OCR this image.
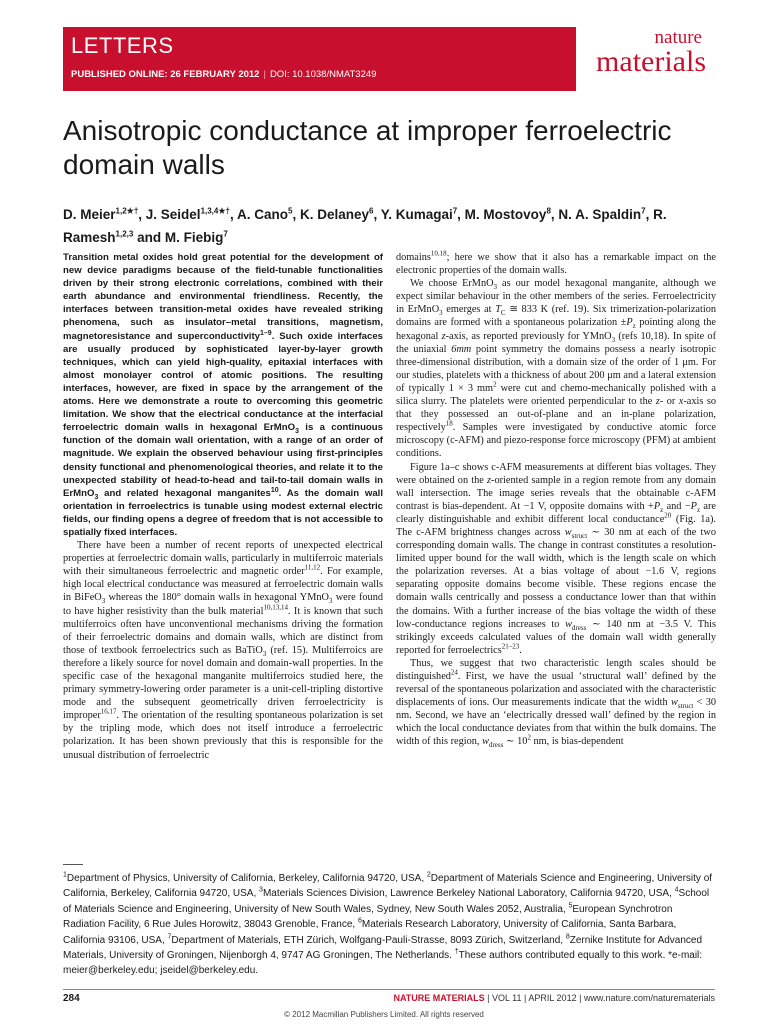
LETTERS
PUBLISHED ONLINE: 26 FEBRUARY 2012 | DOI: 10.1038/NMAT3249
nature
materials
Anisotropic conductance at improper ferroelectric domain walls
D. Meier$^{1,2★\dagger}$, J. Seidel$^{1,3,4★\dagger}$, A. Cano$^5$, K. Delaney$^6$, Y. Kumagai$^7$, M. Mostovoy$^8$, N. A. Spaldin$^7$, R. Ramesh$^{1,2,3}$ and M. Fiebig$^7$

Transition metal oxides hold great potential for the development of new device paradigms because of the field-tunable functionalities driven by their strong electronic correlations, combined with their earth abundance and environmental friendliness. Recently, the interfaces between transition-metal oxides have revealed striking phenomena, such as insulator–metal transitions, magnetism, magnetoresistance and superconductivity$^{1-9}$. Such oxide interfaces are usually produced by sophisticated layer-by-layer growth techniques, which can yield high-quality, epitaxial interfaces with almost monolayer control of atomic positions. The resulting interfaces, however, are fixed in space by the arrangement of the atoms. Here we demonstrate a route to overcoming this geometric limitation. We show that the electrical conductance at the interfacial ferroelectric domain walls in hexagonal ErMnO$_3$ is a continuous function of the domain wall orientation, with a range of an order of magnitude. We explain the observed behaviour using first-principles density functional and phenomenological theories, and relate it to the unexpected stability of head-to-head and tail-to-tail domain walls in ErMnO$_3$ and related hexagonal manganites$^{10}$. As the domain wall orientation in ferroelectrics is tunable using modest external electric fields, our finding opens a degree of freedom that is not accessible to spatially fixed interfaces.

There have been a number of recent reports of unexpected electrical properties at ferroelectric domain walls, particularly in multiferroic materials with their simultaneous ferroelectric and magnetic order$^{11,12}$. For example, high local electrical conductance was measured at ferroelectric domain walls in BiFeO$_3$ whereas the 180° domain walls in hexagonal YMnO$_3$ were found to have higher resistivity than the bulk material$^{10,13,14}$. It is known that such multiferroics often have unconventional mechanisms driving the formation of their ferroelectric domains and domain walls, which are distinct from those of textbook ferroelectrics such as BaTiO$_3$ (ref. 15). Multiferroics are therefore a likely source for novel domain and domain-wall properties. In the specific case of the hexagonal manganite multiferroics studied here, the primary symmetry-lowering order parameter is a unit-cell-tripling distortive mode and the subsequent geometrically driven ferroelectricity is improper$^{16,17}$. The orientation of the resulting spontaneous polarization is set by the tripling mode, which does not itself introduce a ferroelectric polarization. It has been shown previously that this is responsible for the unusual distribution of ferroelectric

domains$^{10,18}$; here we show that it also has a remarkable impact on the electronic properties of the domain walls.

We choose ErMnO$_3$ as our model hexagonal manganite, although we expect similar behaviour in the other members of the series. Ferroelectricity in ErMnO$_3$ emerges at $T_C$ ≅ 833 K (ref. 19). Six trimerization-polarization domains are formed with a spontaneous polarization $\pm P_z$ pointing along the hexagonal z-axis, as reported previously for YMnO$_3$ (refs 10,18). In spite of the uniaxial 6mm point symmetry the domains possess a nearly isotropic three-dimensional distribution, with a domain size of the order of 1 μm. For our studies, platelets with a thickness of about 200 μm and a lateral extension of typically 1 × 3 $mm^2$ were cut and chemo-mechanically polished with a silica slurry. The platelets were oriented perpendicular to the z- or x-axis so that they possessed an out-of-plane and an in-plane polarization, respectively$^{18}$. Samples were investigated by conductive atomic force microscopy (c-AFM) and piezo-response force microscopy (PFM) at ambient conditions.

Figure 1a–c shows c-AFM measurements at different bias voltages. They were obtained on the z-oriented sample in a region remote from any domain wall intersection. The image series reveals that the obtainable c-AFM contrast is bias-dependent. At −1 V, opposite domains with $+P_z$ and $-P_z$ are clearly distinguishable and exhibit different local conductance$^{20}$ (Fig. 1a). The c-AFM brightness changes across $w_{struct}$ ∼ 30 nm at each of the two corresponding domain walls. The change in contrast constitutes a resolution-limited upper bound for the wall width, which is the length scale on which the polarization reverses. At a bias voltage of about −1.6 V, regions separating opposite domains become visible. These regions encase the domain walls centrically and possess a conductance lower than that within the domains. With a further increase of the bias voltage the width of these low-conductance regions increases to $w_{dress}$ ∼ 140 nm at −3.5 V. This strikingly exceeds calculated values of the domain wall width generally reported for ferroelectrics$^{21-23}$.

Thus, we suggest that two characteristic length scales should be distinguished$^{24}$. First, we have the usual ‘structural wall’ defined by the reversal of the spontaneous polarization and associated with the characteristic displacements of ions. Our measurements indicate that the width $w_{struct} < 30$ nm. Second, we have an ‘electrically dressed wall’ defined by the region in which the local conductance deviates from that within the bulk domains. The width of this region, $w_{dress}$ ∼ $10^2$ nm, is bias-dependent

$^1$Department of Physics, University of California, Berkeley, California 94720, USA, $^2$Department of Materials Science and Engineering, University of California, Berkeley, California 94720, USA, $^3$Materials Sciences Division, Lawrence Berkeley National Laboratory, California 94720, USA, $^4$School of Materials Science and Engineering, University of New South Wales, Sydney, New South Wales 2052, Australia, $^5$European Synchrotron Radiation Facility, 6 Rue Jules Horowitz, 38043 Grenoble, France, $^6$Materials Research Laboratory, University of California, Santa Barbara, California 93106, USA, $^7$Department of Materials, ETH Zürich, Wolfgang-Pauli-Strasse, 8093 Zürich, Switzerland, $^8$Zernike Institute for Advanced Materials, University of Groningen, Nijenborgh 4, 9747 AG Groningen, The Netherlands. †These authors contributed equally to this work. *e-mail: meier@berkeley.edu; jseidel@berkeley.edu.
284	NATURE MATERIALS | VOL 11 | APRIL 2012 | www.nature.com/naturematerials
© 2012 Macmillan Publishers Limited. All rights reserved
